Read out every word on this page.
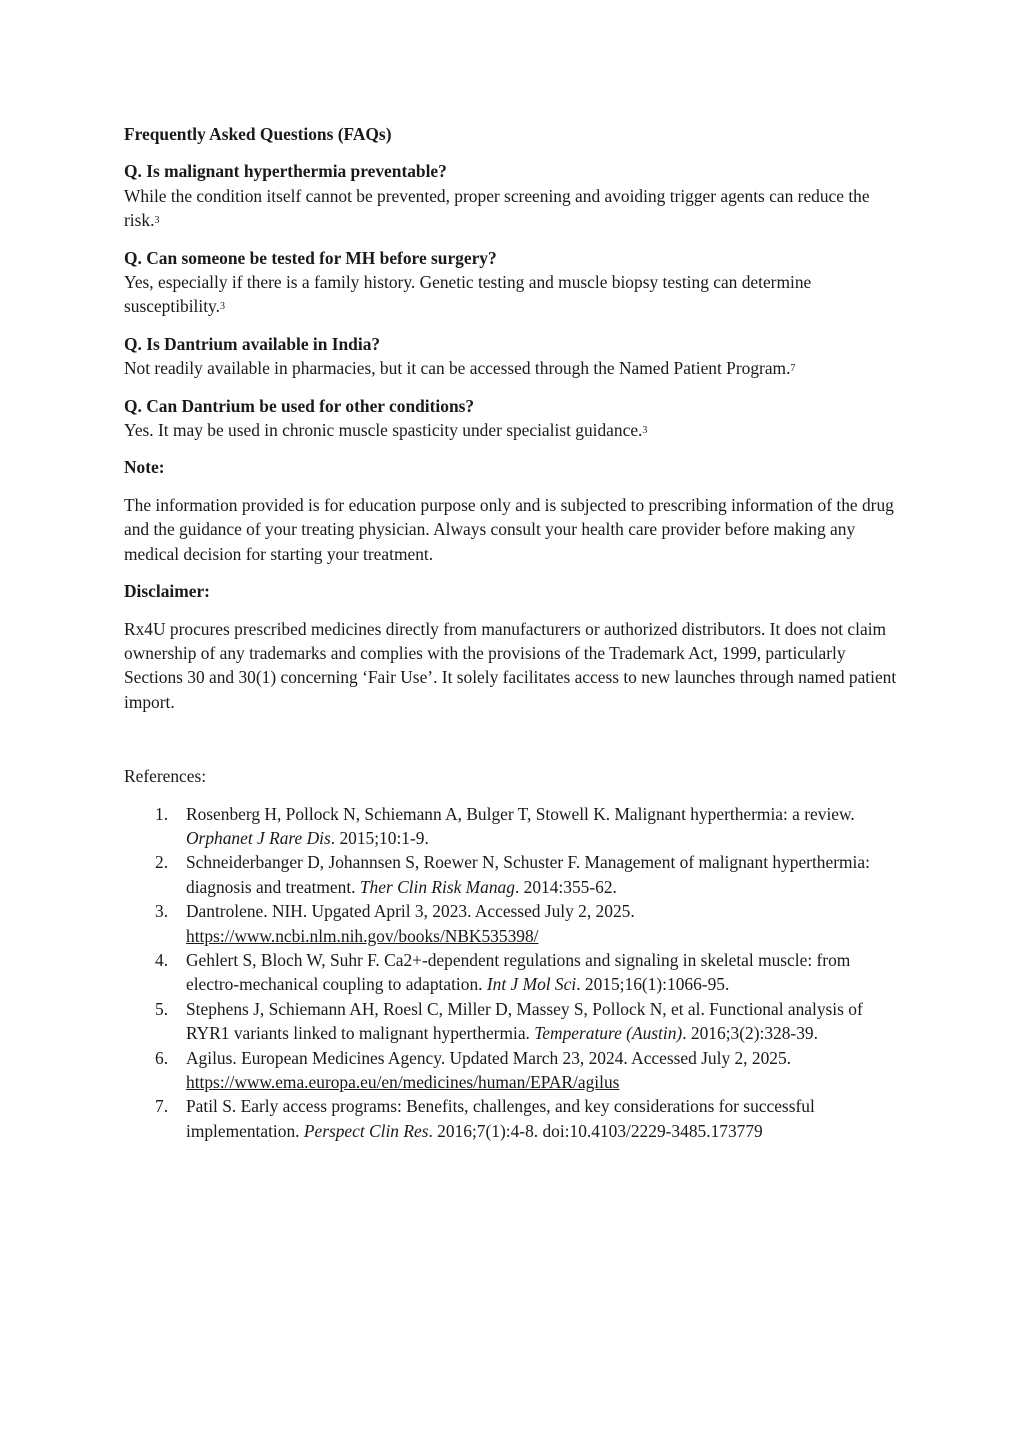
Frequently Asked Questions (FAQs)
Q. Is malignant hyperthermia preventable?
While the condition itself cannot be prevented, proper screening and avoiding trigger agents can reduce the risk.$^3$
Q. Can someone be tested for MH before surgery?
Yes, especially if there is a family history. Genetic testing and muscle biopsy testing can determine susceptibility.$^3$
Q. Is Dantrium available in India?
Not readily available in pharmacies, but it can be accessed through the Named Patient Program.$^7$
Q. Can Dantrium be used for other conditions?
Yes. It may be used in chronic muscle spasticity under specialist guidance.$^3$
Note:
The information provided is for education purpose only and is subjected to prescribing information of the drug and the guidance of your treating physician. Always consult your health care provider before making any medical decision for starting your treatment.
Disclaimer:
Rx4U procures prescribed medicines directly from manufacturers or authorized distributors. It does not claim ownership of any trademarks and complies with the provisions of the Trademark Act, 1999, particularly Sections 30 and 30(1) concerning ‘Fair Use’. It solely facilitates access to new launches through named patient import.
References:
1. Rosenberg H, Pollock N, Schiemann A, Bulger T, Stowell K. Malignant hyperthermia: a review. Orphanet J Rare Dis. 2015;10:1-9.
2. Schneiderbanger D, Johannsen S, Roewer N, Schuster F. Management of malignant hyperthermia: diagnosis and treatment. Ther Clin Risk Manag. 2014:355-62.
3. Dantrolene. NIH. Upgated April 3, 2023. Accessed July 2, 2025.
https://www.ncbi.nlm.nih.gov/books/NBK535398/
4. Gehlert S, Bloch W, Suhr F. Ca2+-dependent regulations and signaling in skeletal muscle: from electro-mechanical coupling to adaptation. Int J Mol Sci. 2015;16(1):1066-95.
5. Stephens J, Schiemann AH, Roesl C, Miller D, Massey S, Pollock N, et al. Functional analysis of RYR1 variants linked to malignant hyperthermia. Temperature (Austin). 2016;3(2):328-39.
6. Agilus. European Medicines Agency. Updated March 23, 2024. Accessed July 2, 2025.
https://www.ema.europa.eu/en/medicines/human/EPAR/agilus
7. Patil S. Early access programs: Benefits, challenges, and key considerations for successful implementation. Perspect Clin Res. 2016;7(1):4-8. doi:10.4103/2229-3485.173779
